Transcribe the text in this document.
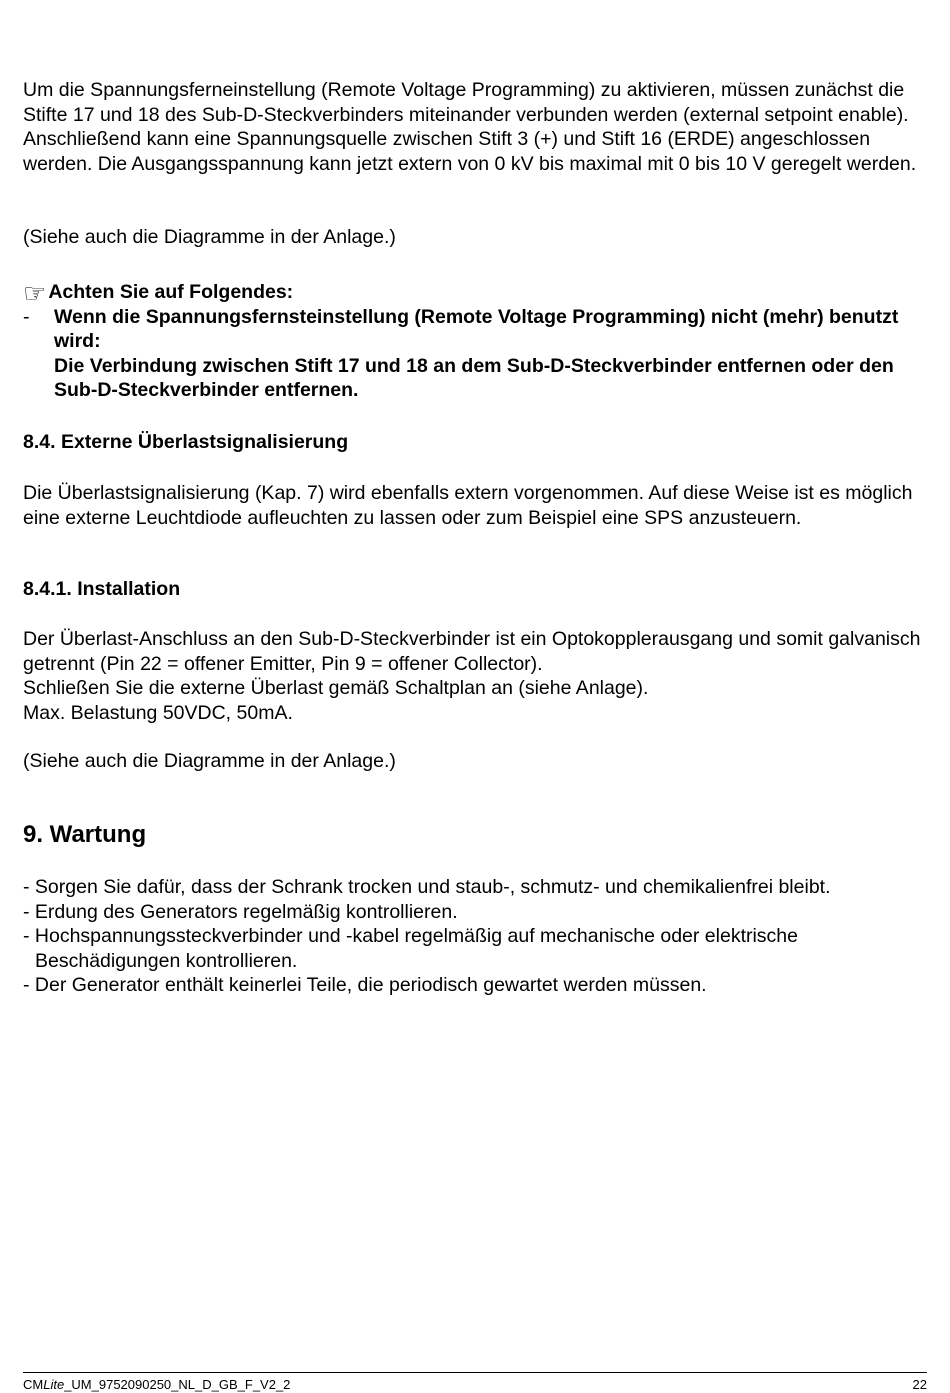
Um die Spannungsferneinstellung (Remote Voltage Programming) zu aktivieren, müssen zunächst die Stifte 17 und 18 des Sub-D-Steckverbinders miteinander verbunden werden (external setpoint enable). Anschließend kann eine Spannungsquelle zwischen Stift 3 (+) und Stift 16 (ERDE) angeschlossen werden. Die Ausgangsspannung kann jetzt extern von 0 kV bis maximal mit 0 bis 10 V geregelt werden.

(Siehe auch die Diagramme in der Anlage.)

☞ Achten Sie auf Folgendes:
-	Wenn die Spannungsfernsteinstellung (Remote Voltage Programming) nicht (mehr) benutzt wird:

Die Verbindung zwischen Stift 17 und 18 an dem Sub-D-Steckverbinder entfernen oder den Sub-D-Steckverbinder entfernen.

8.4. Externe Überlastsignalisierung

Die Überlastsignalisierung (Kap. 7) wird ebenfalls extern vorgenommen. Auf diese Weise ist es möglich eine externe Leuchtdiode aufleuchten zu lassen oder zum Beispiel eine SPS anzusteuern.

8.4.1. Installation

Der Überlast-Anschluss an den Sub-D-Steckverbinder ist ein Optokopplerausgang und somit galvanisch getrennt (Pin 22 = offener Emitter, Pin 9 = offener Collector).

Schließen Sie die externe Überlast gemäß Schaltplan an (siehe Anlage).

Max. Belastung 50VDC, 50mA.

(Siehe auch die Diagramme in der Anlage.)

9. Wartung

- Sorgen Sie dafür, dass der Schrank trocken und staub-, schmutz- und chemikalienfrei bleibt.

- Erdung des Generators regelmäßig kontrollieren.

- Hochspannungssteckverbinder und -kabel regelmäßig auf mechanische oder elektrische Beschädigungen kontrollieren.

- Der Generator enthält keinerlei Teile, die periodisch gewartet werden müssen.

CMLite_UM_9752090250_NL_D_GB_F_V2_2	22
